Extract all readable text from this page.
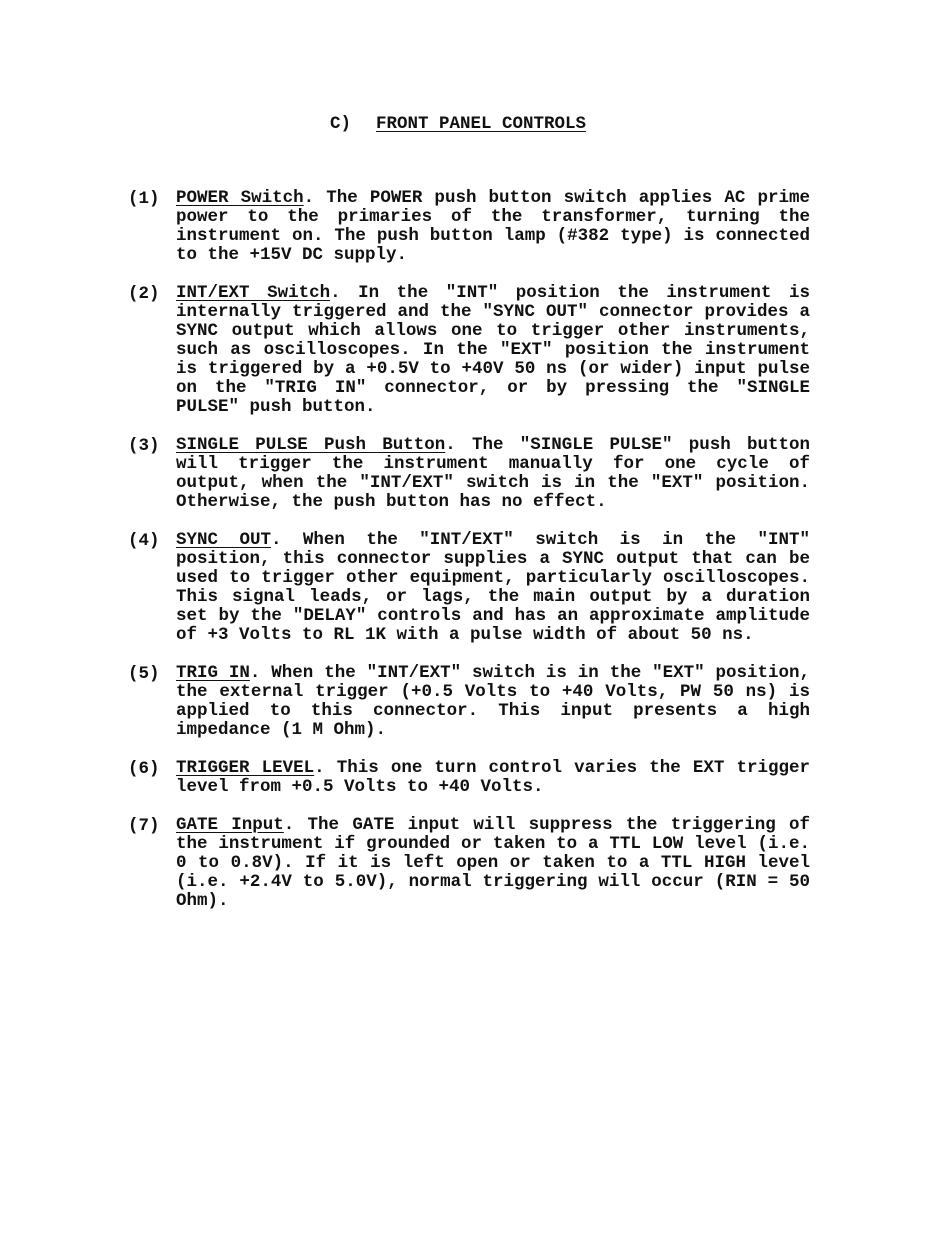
C) FRONT PANEL CONTROLS
(1) POWER Switch. The POWER push button switch applies AC prime power to the primaries of the transformer, turning the instrument on. The push button lamp (#382 type) is connected to the +15V DC supply.
(2) INT/EXT Switch. In the "INT" position the instrument is internally triggered and the "SYNC OUT" connector provides a SYNC output which allows one to trigger other instruments, such as oscilloscopes. In the "EXT" position the instrument is triggered by a +0.5V to +40V 50 ns (or wider) input pulse on the "TRIG IN" connector, or by pressing the "SINGLE PULSE" push button.
(3) SINGLE PULSE Push Button. The "SINGLE PULSE" push button will trigger the instrument manually for one cycle of output, when the "INT/EXT" switch is in the "EXT" position. Otherwise, the push button has no effect.
(4) SYNC OUT. When the "INT/EXT" switch is in the "INT" position, this connector supplies a SYNC output that can be used to trigger other equipment, particularly oscilloscopes. This signal leads, or lags, the main output by a duration set by the "DELAY" controls and has an approximate amplitude of +3 Volts to RL 1K with a pulse width of about 50 ns.
(5) TRIG IN. When the "INT/EXT" switch is in the "EXT" position, the external trigger (+0.5 Volts to +40 Volts, PW 50 ns) is applied to this connector. This input presents a high impedance (1 M Ohm).
(6) TRIGGER LEVEL. This one turn control varies the EXT trigger level from +0.5 Volts to +40 Volts.
(7) GATE Input. The GATE input will suppress the triggering of the instrument if grounded or taken to a TTL LOW level (i.e. 0 to 0.8V). If it is left open or taken to a TTL HIGH level (i.e. +2.4V to 5.0V), normal triggering will occur (RIN = 50 Ohm).
